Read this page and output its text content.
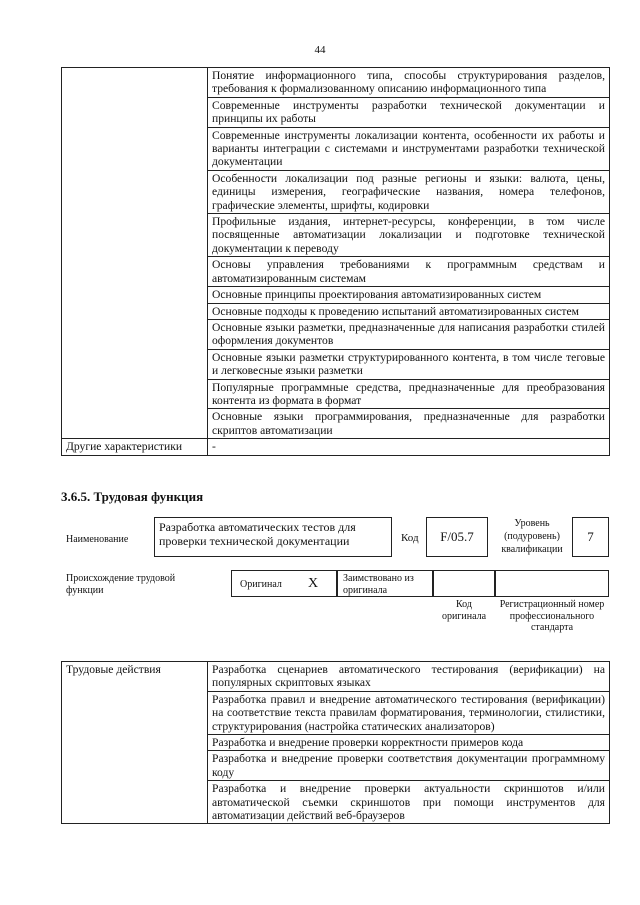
44
	Понятие информационного типа, способы структурирования разделов, требования к формализованному описанию информационного типа
	Современные инструменты разработки технической документации и принципы их работы
	Современные инструменты локализации контента, особенности их работы и варианты интеграции с системами и инструментами разработки технической документации
	Особенности локализации под разные регионы и языки: валюта, цены, единицы измерения, географические названия, номера телефонов, графические элементы, шрифты, кодировки
	Профильные издания, интернет-ресурсы, конференции, в том числе посвященные автоматизации локализации и подготовке технической документации к переводу
	Основы управления требованиями к программным средствам и автоматизированным системам
	Основные принципы проектирования автоматизированных систем
	Основные подходы к проведению испытаний автоматизированных систем
	Основные языки разметки, предназначенные для написания разработки стилей оформления документов
	Основные языки разметки структурированного контента, в том числе теговые и легковесные языки разметки
	Популярные программные средства, предназначенные для преобразования контента из формата в формат
	Основные языки программирования, предназначенные для разработки скриптов автоматизации
Другие характеристики	-
3.6.5. Трудовая функция
Наименование
Разработка автоматических тестов для проверки технической документации	Код	F/05.7
Уровень (подуровень) квалификации
7
Происхождение трудовой функции
Оригинал X Заимствовано из оригинала
Код оригинала
Регистрационный номер профессионального стандарта
Трудовые действия	Разработка сценариев автоматического тестирования (верификации) на популярных скриптовых языках
Разработка правил и внедрение автоматического тестирования (верификации) на соответствие текста правилам форматирования, терминологии, стилистики, структурирования (настройка статических анализаторов)
Разработка и внедрение проверки корректности примеров кода
Разработка и внедрение проверки соответствия документации программному коду
Разработка и внедрение проверки актуальности скриншотов и/или автоматической съемки скриншотов при помощи инструментов для автоматизации действий веб-браузеров
